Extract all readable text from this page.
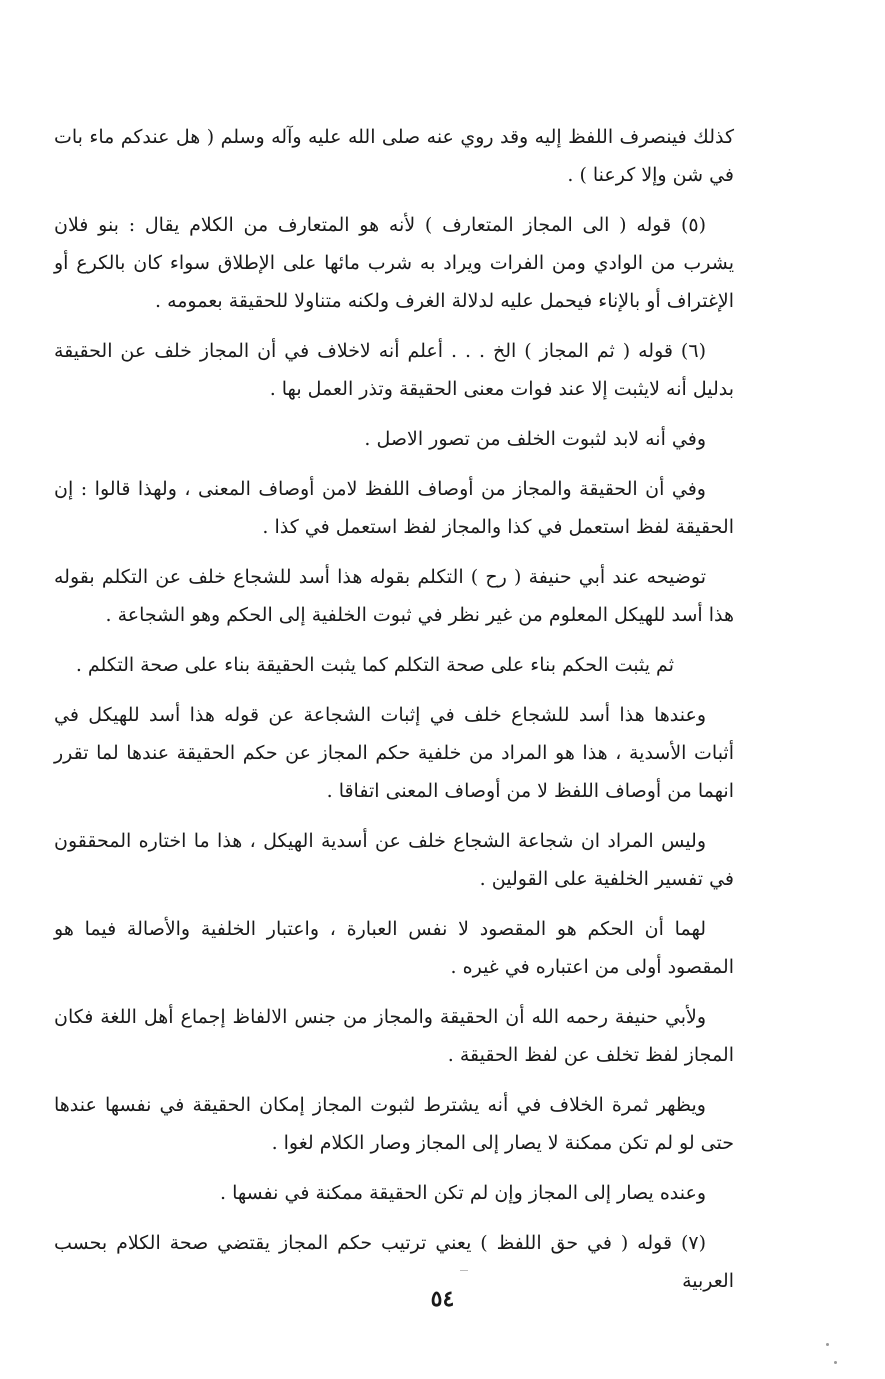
كذلك فينصرف اللفظ إليه وقد روي عنه صلى الله عليه وآله وسلم ( هل عندكم ماء بات في شن وإلا كرعنا ) .

(٥) قوله ( الى المجاز المتعارف ) لأنه هو المتعارف من الكلام يقال : بنو فلان يشرب من الوادي ومن الفرات ويراد به شرب مائها على الإطلاق سواء كان بالكرع أو الإغتراف أو بالإناء فيحمل عليه لدلالة الغرف ولكنه متناولا للحقيقة بعمومه .

(٦) قوله ( ثم المجاز ) الخ . . . أعلم أنه لاخلاف في أن المجاز خلف عن الحقيقة بدليل أنه لايثبت إلا عند فوات معنى الحقيقة وتذر العمل بها .

وفي أنه لابد لثبوت الخلف من تصور الاصل .

وفي أن الحقيقة والمجاز من أوصاف اللفظ لامن أوصاف المعنى ، ولهذا قالوا : إن الحقيقة لفظ استعمل في كذا والمجاز لفظ استعمل في كذا .

توضيحه عند أبي حنيفة ( رح ) التكلم بقوله هذا أسد للشجاع خلف عن التكلم بقوله هذا أسد للهيكل المعلوم من غير نظر في ثبوت الخلفية إلى الحكم وهو الشجاعة .

ثم يثبت الحكم بناء على صحة التكلم كما يثبت الحقيقة بناء على صحة التكلم .

وعندها هذا أسد للشجاع خلف في إثبات الشجاعة عن قوله هذا أسد للهيكل في أثبات الأسدية ، هذا هو المراد من خلفية حكم المجاز عن حكم الحقيقة عندها لما تقرر انهما من أوصاف اللفظ لا من أوصاف المعنى اتفاقا .

وليس المراد ان شجاعة الشجاع خلف عن أسدية الهيكل ، هذا ما اختاره المحققون في تفسير الخلفية على القولين .

لهما أن الحكم هو المقصود لا نفس العبارة ، واعتبار الخلفية والأصالة فيما هو المقصود أولى من اعتباره في غيره .

ولأبي حنيفة رحمه الله أن الحقيقة والمجاز من جنس الالفاظ إجماع أهل اللغة فكان المجاز لفظ تخلف عن لفظ الحقيقة .

ويظهر ثمرة الخلاف في أنه يشترط لثبوت المجاز إمكان الحقيقة في نفسها عندها حتى لو لم تكن ممكنة لا يصار إلى المجاز وصار الكلام لغوا .

وعنده يصار إلى المجاز وإن لم تكن الحقيقة ممكنة في نفسها .

(٧) قوله ( في حق اللفظ ) يعني ترتيب حكم المجاز يقتضي صحة الكلام بحسب العربية

٥٤
